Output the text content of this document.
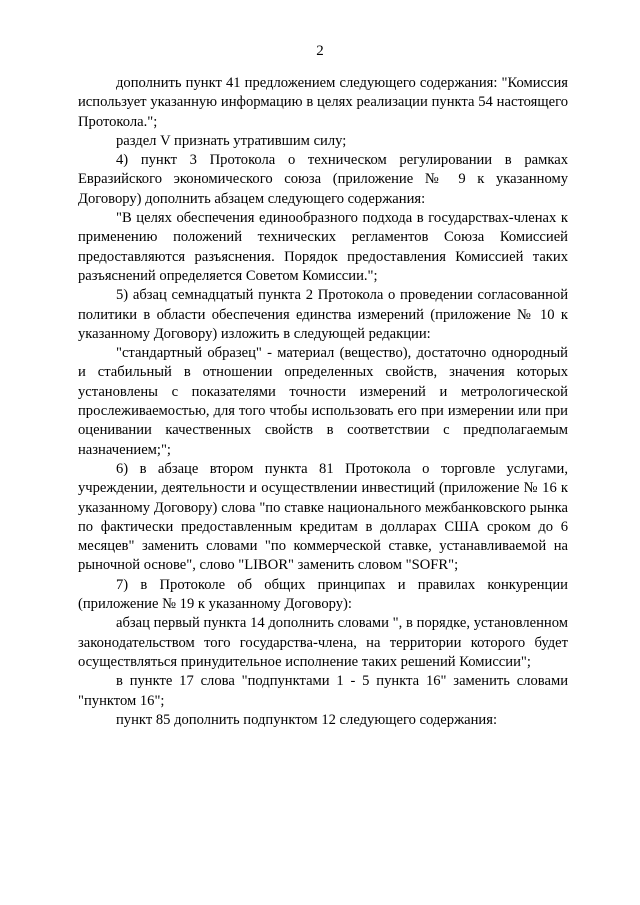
2

дополнить пункт 41 предложением следующего содержания: "Комиссия использует указанную информацию в целях реализации пункта 54 настоящего Протокола.";

раздел V признать утратившим силу;

4) пункт 3 Протокола о техническом регулировании в рамках Евразийского экономического союза (приложение № 9 к указанному Договору) дополнить абзацем следующего содержания:

"В целях обеспечения единообразного подхода в государствах-членах к применению положений технических регламентов Союза Комиссией предоставляются разъяснения. Порядок предоставления Комиссией таких разъяснений определяется Советом Комиссии.";

5) абзац семнадцатый пункта 2 Протокола о проведении согласованной политики в области обеспечения единства измерений (приложение № 10 к указанному Договору) изложить в следующей редакции:

"стандартный образец" - материал (вещество), достаточно однородный и стабильный в отношении определенных свойств, значения которых установлены с показателями точности измерений и метрологической прослеживаемостью, для того чтобы использовать его при измерении или при оценивании качественных свойств в соответствии с предполагаемым назначением;";

6) в абзаце втором пункта 81 Протокола о торговле услугами, учреждении, деятельности и осуществлении инвестиций (приложение № 16 к указанному Договору) слова "по ставке национального межбанковского рынка по фактически предоставленным кредитам в долларах США сроком до 6 месяцев" заменить словами "по коммерческой ставке, устанавливаемой на рыночной основе", слово "LIBOR" заменить словом "SOFR";

7) в Протоколе об общих принципах и правилах конкуренции (приложение № 19 к указанному Договору):

абзац первый пункта 14 дополнить словами ", в порядке, установленном законодательством того государства-члена, на территории которого будет осуществляться принудительное исполнение таких решений Комиссии";

в пункте 17 слова "подпунктами 1 - 5 пункта 16" заменить словами "пунктом 16";

пункт 85 дополнить подпунктом 12 следующего содержания:
